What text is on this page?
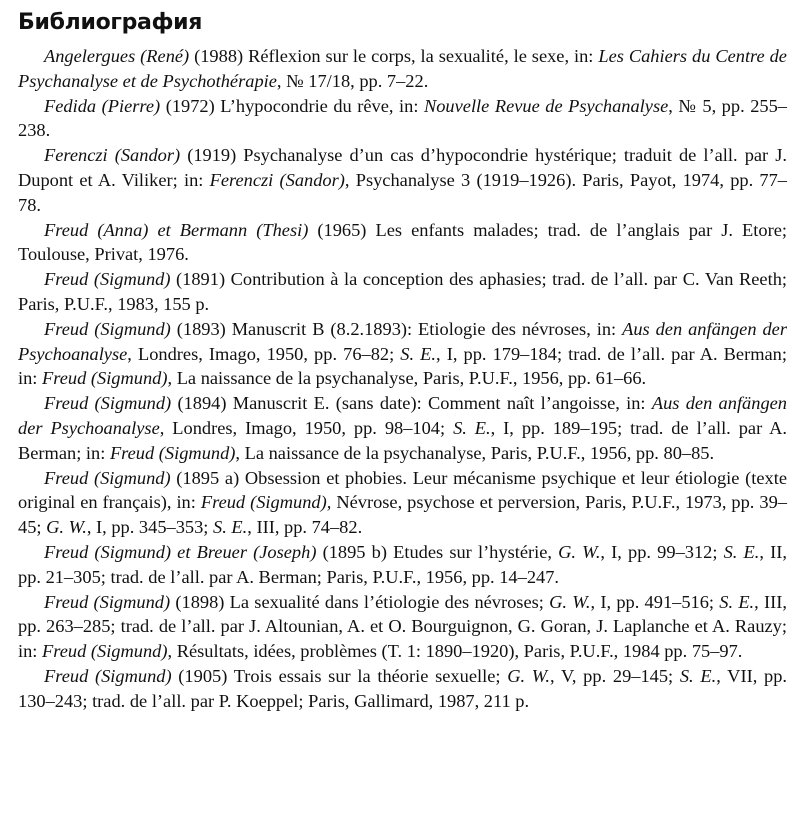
Библиография

Angelergues (René) (1988) Réflexion sur le corps, la sexualité, le sexe, in: Les Cahiers du Centre de Psychanalyse et de Psychothérapie, № 17/18, pp. 7–22.

Fedida (Pierre) (1972) L’hypocondrie du rêve, in: Nouvelle Revue de Psychanalyse, № 5, pp. 255–238.

Ferenczi (Sandor) (1919) Psychanalyse d’un cas d’hypocondrie hystérique; traduit de l’all. par J. Dupont et A. Viliker; in: Ferenczi (Sandor), Psychanalyse 3 (1919–1926). Paris, Payot, 1974, pp. 77–78.

Freud (Anna) et Bermann (Thesi) (1965) Les enfants malades; trad. de l’anglais par J. Etore; Toulouse, Privat, 1976.

Freud (Sigmund) (1891) Contribution à la conception des aphasies; trad. de l’all. par C. Van Reeth; Paris, P.U.F., 1983, 155 p.

Freud (Sigmund) (1893) Manuscrit B (8.2.1893): Etiologie des névroses, in: Aus den anfängen der Psychoanalyse, Londres, Imago, 1950, pp. 76–82; S. E., I, pp. 179–184; trad. de l’all. par A. Berman; in: Freud (Sigmund), La naissance de la psychanalyse, Paris, P.U.F., 1956, pp. 61–66.

Freud (Sigmund) (1894) Manuscrit E. (sans date): Comment naît l’angoisse, in: Aus den anfängen der Psychoanalyse, Londres, Imago, 1950, pp. 98–104; S. E., I, pp. 189–195; trad. de l’all. par A. Berman; in: Freud (Sigmund), La naissance de la psychanalyse, Paris, P.U.F., 1956, pp. 80–85.

Freud (Sigmund) (1895 a) Obsession et phobies. Leur mécanisme psychique et leur étiologie (texte original en français), in: Freud (Sigmund), Névrose, psychose et perversion, Paris, P.U.F., 1973, pp. 39–45; G. W., I, pp. 345–353; S. E., III, pp. 74–82.

Freud (Sigmund) et Breuer (Joseph) (1895 b) Etudes sur l’hystérie, G. W., I, pp. 99–312; S. E., II, pp. 21–305; trad. de l’all. par A. Berman; Paris, P.U.F., 1956, pp. 14–247.

Freud (Sigmund) (1898) La sexualité dans l’étiologie des névroses; G. W., I, pp. 491–516; S. E., III, pp. 263–285; trad. de l’all. par J. Altounian, A. et O. Bourguignon, G. Goran, J. Laplanche et A. Rauzy; in: Freud (Sigmund), Résultats, idées, problèmes (T. 1: 1890–1920), Paris, P.U.F., 1984 pp. 75–97.

Freud (Sigmund) (1905) Trois essais sur la théorie sexuelle; G. W., V, pp. 29–145; S. E., VII, pp. 130–243; trad. de l’all. par P. Koeppel; Paris, Gallimard, 1987, 211 p.
